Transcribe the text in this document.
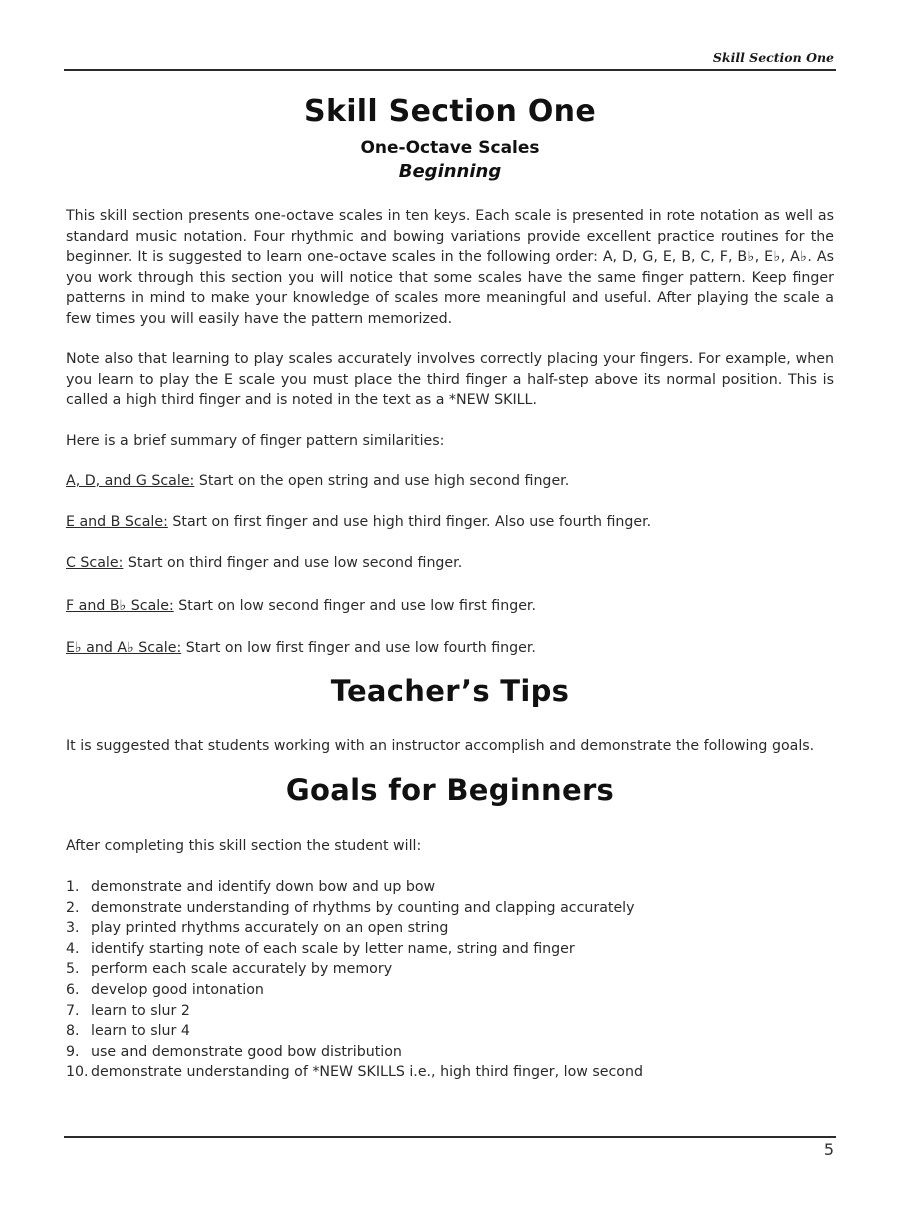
Skill Section One
Skill Section One
One-Octave Scales
Beginning

This skill section presents one-octave scales in ten keys. Each scale is presented in rote notation as well as standard music notation. Four rhythmic and bowing variations provide excellent practice routines for the beginner. It is suggested to learn one-octave scales in the following order: A, D, G, E, B, C, F, B♭, E♭, A♭. As you work through this section you will notice that some scales have the same finger pattern. Keep finger patterns in mind to make your knowledge of scales more meaningful and useful. After playing the scale a few times you will easily have the pattern memorized.

Note also that learning to play scales accurately involves correctly placing your fingers. For example, when you learn to play the E scale you must place the third finger a half-step above its normal position. This is called a high third finger and is noted in the text as a *NEW SKILL.

Here is a brief summary of finger pattern similarities:

A, D, and G Scale: Start on the open string and use high second finger.
E and B Scale: Start on first finger and use high third finger. Also use fourth finger.
C Scale: Start on third finger and use low second finger.
F and B♭ Scale: Start on low second finger and use low first finger.
E♭ and A♭ Scale: Start on low first finger and use low fourth finger.
Teacher’s Tips

It is suggested that students working with an instructor accomplish and demonstrate the following goals.

Goals for Beginners

After completing this skill section the student will:

1. demonstrate and identify down bow and up bow
2. demonstrate understanding of rhythms by counting and clapping accurately
3. play printed rhythms accurately on an open string
4. identify starting note of each scale by letter name, string and finger
5. perform each scale accurately by memory
6. develop good intonation
7. learn to slur 2
8. learn to slur 4
9. use and demonstrate good bow distribution
10. demonstrate understanding of *NEW SKILLS i.e., high third finger, low second
5
